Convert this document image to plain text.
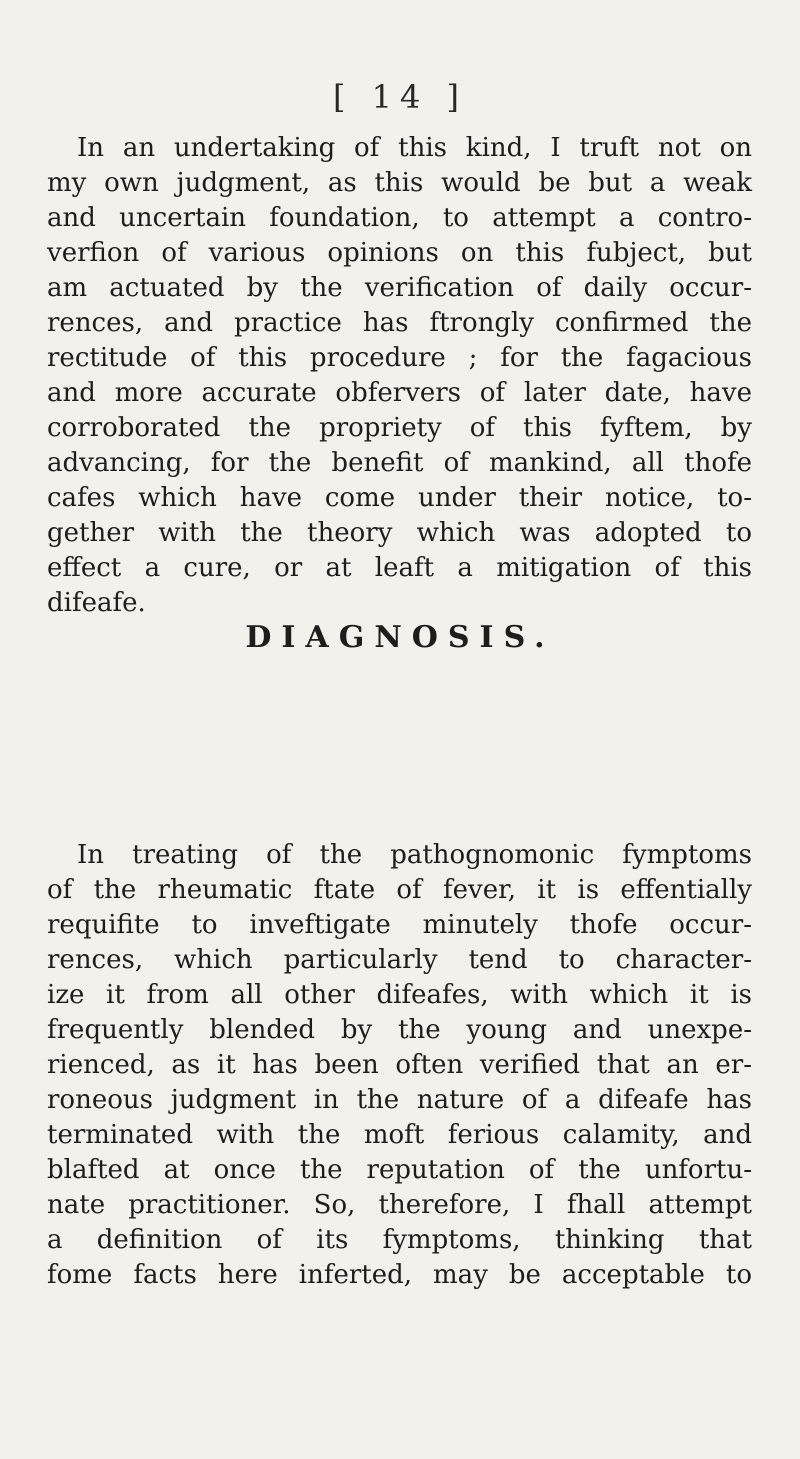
[ 14 ]
In an undertaking of this kind, I truft not on
my own judgment, as this would be but a weak
and uncertain foundation, to attempt a contro-
verfion of various opinions on this fubject, but
am actuated by the verification of daily occur-
rences, and practice has ftrongly confirmed the
rectitude of this procedure ; for the fagacious
and more accurate obfervers of later date, have
corroborated the propriety of this fyftem, by
advancing, for the benefit of mankind, all thofe
cafes which have come under their notice, to-
gether with the theory which was adopted to
effect a cure, or at leaft a mitigation of this
difeafe.
DIAGNOSIS.
In treating of the pathognomonic fymptoms
of the rheumatic ftate of fever, it is effentially
requifite to inveftigate minutely thofe occur-
rences, which particularly tend to character-
ize it from all other difeafes, with which it is
frequently blended by the young and unexpe-
rienced, as it has been often verified that an er-
roneous judgment in the nature of a difeafe has
terminated with the moft ferious calamity, and
blafted at once the reputation of the unfortu-
nate practitioner. So, therefore, I fhall attempt
a definition of its fymptoms, thinking that
fome facts here inferted, may be acceptable to
